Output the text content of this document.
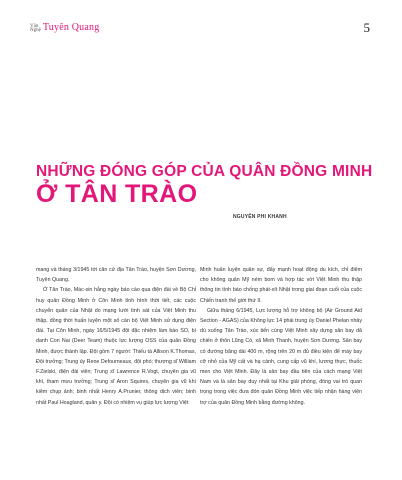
Văn
Nghệ Tuyên Quang	5
NHỮNG ĐÓNG GÓP CỦA QUÂN ĐỒNG MINH
Ở TÂN TRÀO
NGUYỄN PHI KHANH

mang và tháng 3/1945 tới căn cứ địa Tân Trào, huyện Sơn Dương, Tuyên Quang.

Ở Tân Trào, Mác-sin hằng ngày báo cáo qua điện đài về Bộ Chỉ huy quân Đồng Minh ở Côn Minh tình hình thời tiết, các cuộc chuyển quân của Nhật do mạng lưới tình sát của Việt Minh thu thập, đồng thời huấn luyện một số cán bộ Việt Minh sử dụng điện đài. Tại Côn Minh, ngày 16/5/1945 đội đặc nhiệm làm báo SO, bí danh Con Nai (Deer Team) thuộc lực lượng OSS của quân Đồng Minh, được thành lập. Đội gồm 7 người: Thiếu tá Allison K.Thomas, Đội trưởng; Trung úy Rene Defourneaux, đội phó; thượng sĩ William F.Zielski, điện đài viên; Trung sĩ Lawrence R.Vogt, chuyên gia vũ khí, tham mưu trưởng; Trung sĩ Aron Squires, chuyên gia vũ khí kiêm chụp ảnh; binh nhất Henry A.Prunier, thông dịch viên; binh nhất Paul Hoagland, quân y. Đội có nhiệm vụ giúp lực lượng Việt

Minh huấn luyện quân sự, đẩy mạnh hoạt động du kích, chỉ điểm cho không quân Mỹ ném bom và hợp tác với Việt Minh thu thập thông tin tình báo chống phát-xít Nhật trong giai đoạn cuối của cuộc Chiến tranh thế giới thứ II.

Giữa tháng 6/1945, Lực lượng hỗ trợ không bộ (Air Ground Aid Section - AGAS) của Không lực 14 phái trung úy Daniel Phelan nhảy dù xuống Tân Trào, xúc tiến cùng Việt Minh xây dựng sân bay dã chiến ở thôn Lũng Cò, xã Minh Thanh, huyện Sơn Dương. Sân bay có đường băng dài 400 m, rộng trên 20 m đủ điều kiện để máy bay cỡ nhỏ của Mỹ cất và hạ cánh, cung cấp vũ khí, lương thực, thuốc men cho Việt Minh. Đây là sân bay đầu tiên của cách mạng Việt Nam và là sân bay duy nhất tại Khu giải phóng, đóng vai trò quan trọng trong việc đưa đón quân Đồng Minh việc tiếp nhận hàng viện trợ của quân Đồng Minh bằng đường không.
